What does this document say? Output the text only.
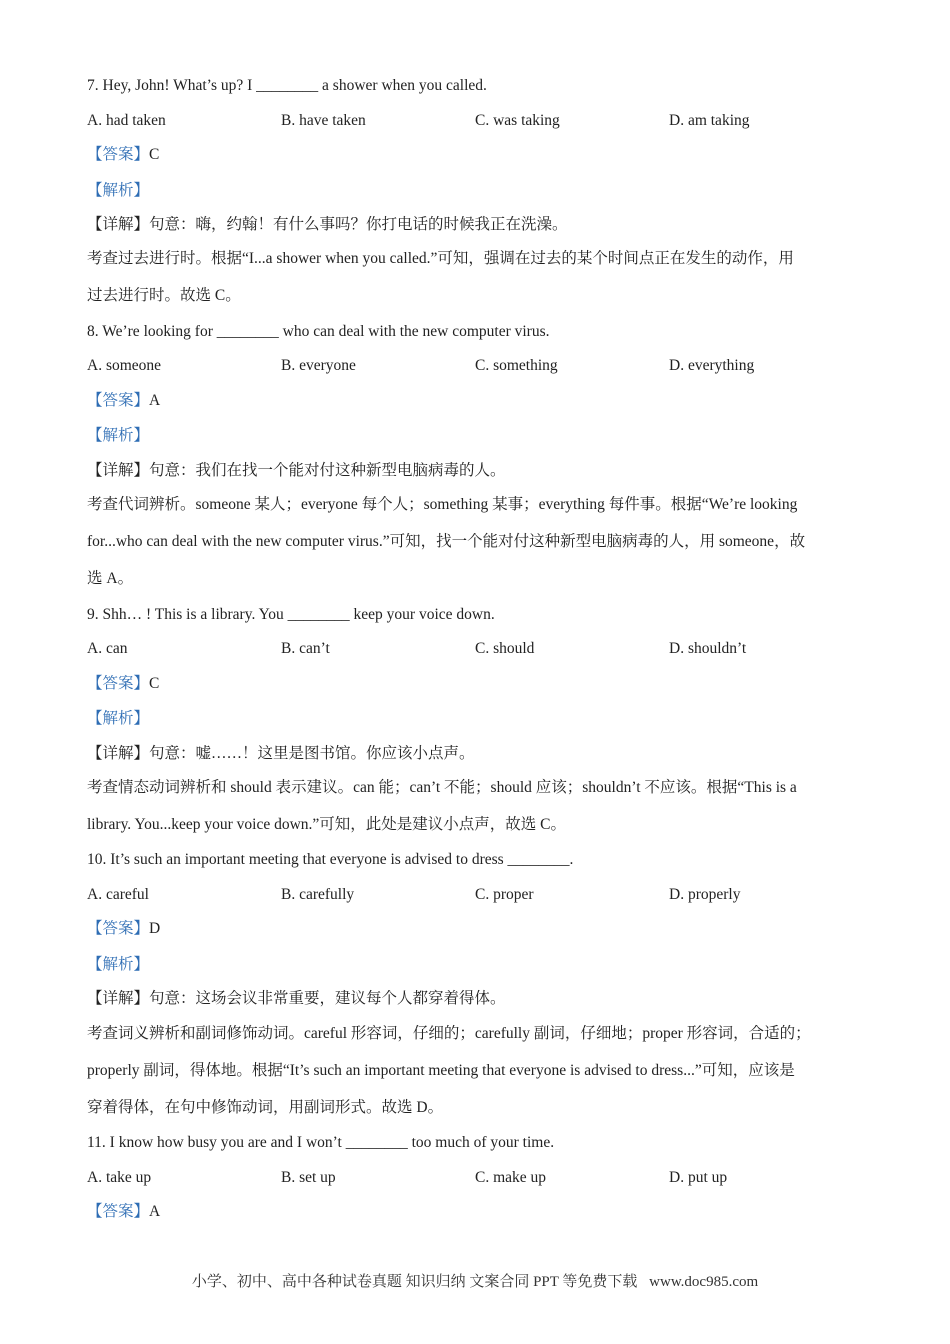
7. Hey, John! What’s up? I ________ a shower when you called.
A. had taken	B. have taken	C. was taking	D. am taking
【答案】C
【解析】
【详解】句意：嗨，约翰！有什么事吗？你打电话的时候我正在洗澡。
考查过去进行时。根据“I...a shower when you called.”可知，强调在过去的某个时间点正在发生的动作，用
过去进行时。故选 C。
8. We’re looking for ________ who can deal with the new computer virus.
A. someone	B. everyone	C. something	D. everything
【答案】A
【解析】
【详解】句意：我们在找一个能对付这种新型电脑病毒的人。
考查代词辨析。someone 某人；everyone 每个人；something 某事；everything 每件事。根据“We’re looking
for...who can deal with the new computer virus.”可知，找一个能对付这种新型电脑病毒的人，用 someone，故
选 A。
9. Shh… ! This is a library. You ________ keep your voice down.
A. can	B. can’t	C. should	D. shouldn’t
【答案】C
【解析】
【详解】句意：嘘……！这里是图书馆。你应该小点声。
考查情态动词辨析和 should 表示建议。can 能；can’t 不能；should 应该；shouldn’t 不应该。根据“This is a
library. You...keep your voice down.”可知，此处是建议小点声，故选 C。
10. It’s such an important meeting that everyone is advised to dress ________.
A. careful	B. carefully	C. proper	D. properly
【答案】D
【解析】
【详解】句意：这场会议非常重要，建议每个人都穿着得体。
考查词义辨析和副词修饰动词。careful 形容词，仔细的；carefully 副词，仔细地；proper 形容词，合适的；
properly 副词，得体地。根据“It’s such an important meeting that everyone is advised to dress...”可知，应该是
穿着得体，在句中修饰动词，用副词形式。故选 D。
11. I know how busy you are and I won’t ________ too much of your time.
A. take up	B. set up	C. make up	D. put up
【答案】A
小学、初中、高中各种试卷真题 知识归纳 文案合同 PPT 等免费下载 www.doc985.com
